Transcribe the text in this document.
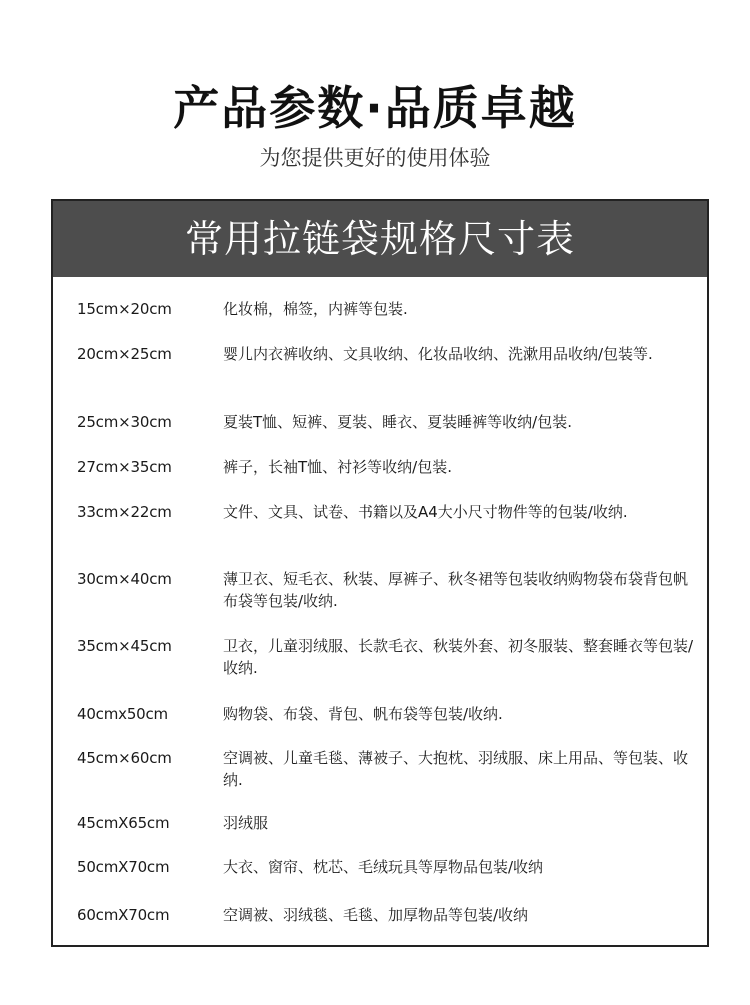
产品参数·品质卓越
为您提供更好的使用体验
常用拉链袋规格尺寸表
15cm×20cm	化妆棉，棉签，内裤等包装.
20cm×25cm	婴儿内衣裤收纳、文具收纳、化妆品收纳、洗漱用品收纳/包装等.
25cm×30cm	夏装T恤、短裤、夏装、睡衣、夏装睡裤等收纳/包装.
27cm×35cm	裤子，长袖T恤、衬衫等收纳/包装.
33cm×22cm	文件、文具、试卷、书籍以及A4大小尺寸物件等的包装/收纳.
30cm×40cm	薄卫衣、短毛衣、秋装、厚裤子、秋冬裙等包装收纳购物袋布袋背包帆布袋等包装/收纳.
35cm×45cm	卫衣，儿童羽绒服、长款毛衣、秋装外套、初冬服装、整套睡衣等包装/收纳.
40cmx50cm	购物袋、布袋、背包、帆布袋等包装/收纳.
45cm×60cm	空调被、儿童毛毯、薄被子、大抱枕、羽绒服、床上用品、等包装、收纳.
45cmX65cm	羽绒服
50cmX70cm	大衣、窗帘、枕芯、毛绒玩具等厚物品包装/收纳
60cmX70cm	空调被、羽绒毯、毛毯、加厚物品等包装/收纳
